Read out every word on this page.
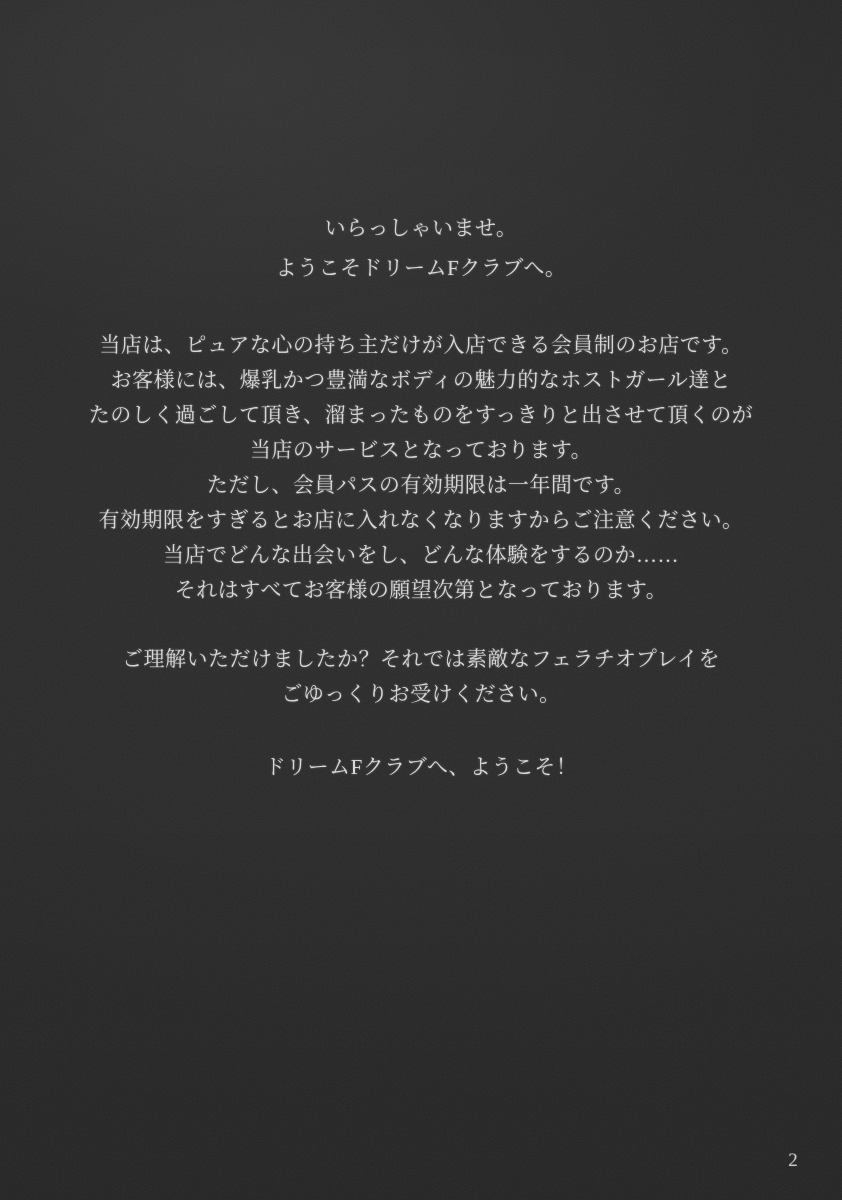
いらっしゃいませ。
ようこそドリームFクラブへ。
当店は、ピュアな心の持ち主だけが入店できる会員制のお店です。
お客様には、爆乳かつ豊満なボディの魅力的なホストガール達と
たのしく過ごして頂き、溜まったものをすっきりと出させて頂くのが
当店のサービスとなっております。
ただし、会員パスの有効期限は一年間です。
有効期限をすぎるとお店に入れなくなりますからご注意ください。
当店でどんな出会いをし、どんな体験をするのか……
それはすべてお客様の願望次第となっております。
ご理解いただけましたか？それでは素敵なフェラチオプレイを
ごゆっくりお受けください。
ドリームFクラブへ、ようこそ！
2
